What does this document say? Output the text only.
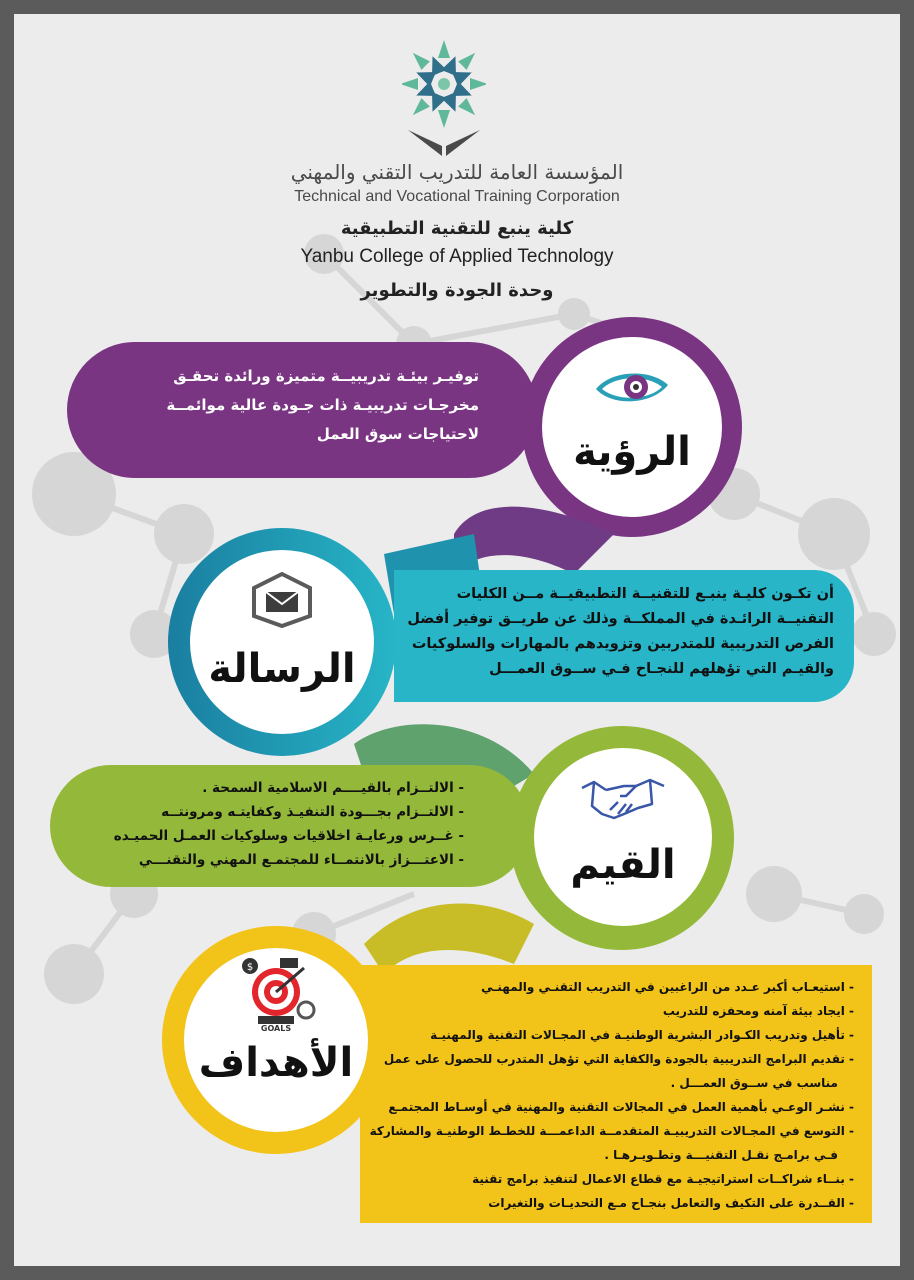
المؤسسة العامة للتدريب التقني والمهني
Technical and Vocational Training Corporation
كلية ينبع للتقنية التطبيقية
Yanbu College of Applied Technology
وحدة الجودة والتطوير

توفيـر بيئـة تدريبيــة متميزة ورائدة تحقـق

مخرجـات تدريبيـة ذات جـودة عالية موائمــة

لاحتياجات سوق العمل	الرؤية

أن تكـون كليـة ينبـع للتقنيــة التطبيقيــة مــن الكليات

التقنيــة الرائـدة في المملكــة وذلك عن طريــق توفير أفضل

الفرص التدريبية للمتدربين وتزويدهم بالمهارات والسلوكيات

والقيـم التي تؤهلهم للنجـاح فـي ســوق العمـــل

الرسالة
- الالتــزام بالقيــــم الاسلامية السمحة .
- الالتــزام بجـــودة التنفيـذ وكفايتـه ومرونتــه
- غــرس ورعايـة اخلاقيات وسلوكيات العمـل الحميـده
- الاعتـــزاز بالانتمــاء للمجتمـع المهني والتقنـــي	القيم
- استيعـاب أكبر عـدد من الراغبين في التدريب التقنـي والمهنـي
- ايجاد بيئة آمنه ومحفزه للتدريب
- تأهيل وتدريب الكـوادر البشرية الوطنيـة في المجـالات التقنية والمهنيـة
- تقديم البرامج التدريبية بالجودة والكفاية التي تؤهل المتدرب للحصول على عمل
مناسب في ســوق العمـــل .
- نشـر الوعـي بأهمية العمل في المجالات التقنية والمهنية في أوسـاط المجتمـع
- التوسع في المجـالات التدريبيـة المتقدمــة الداعمـــة للخطـط الوطنيـة والمشاركة
فـي برامـج نقـل التقنيـــة وتطـويـرهـا .
- بنــاء شراكــات استراتيجيـة مع قطاع الاعمال لتنفيذ برامج تقنية
- القــدرة على التكيف والتعامل بنجـاح مـع التحديـات والتغيرات
$
GOALS
الأهداف
